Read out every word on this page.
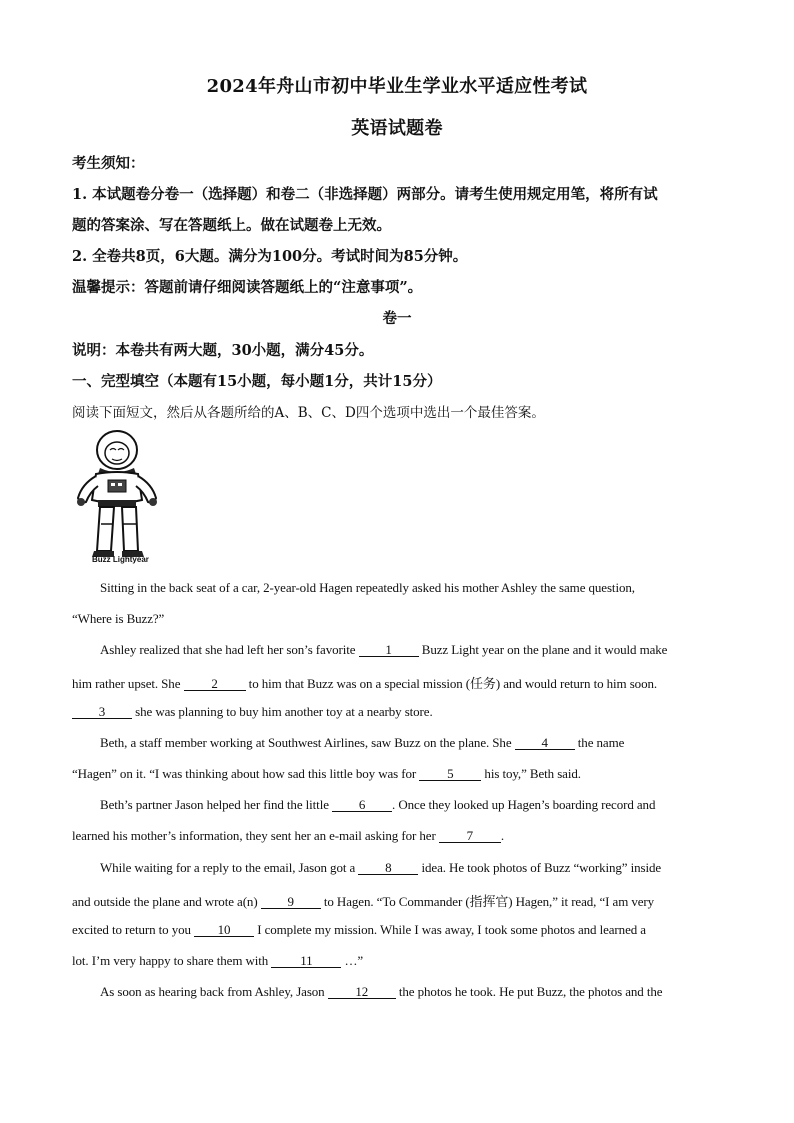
2024年舟山市初中毕业生学业水平适应性考试
英语试题卷
考生须知：
1. 本试题卷分卷一（选择题）和卷二（非选择题）两部分。请考生使用规定用笔，将所有试
题的答案涂、写在答题纸上。做在试题卷上无效。
2. 全卷共8页，6大题。满分为100分。考试时间为85分钟。
温馨提示：答题前请仔细阅读答题纸上的“注意事项”。
卷一
说明：本卷共有两大题，30小题，满分45分。
一、完型填空（本题有15小题，每小题1分，共计15分）
阅读下面短文，然后从各题所给的A、B、C、D四个选项中选出一个最佳答案。
Buzz Lightyear
Sitting in the back seat of a car, 2-year-old Hagen repeatedly asked his mother Ashley the same question,
“Where is Buzz?”
Ashley realized that she had left her son’s favorite 1 Buzz Light year on the plane and it would make
him rather upset. She 2 to him that Buzz was on a special mission (任务) and would return to him soon.
3 she was planning to buy him another toy at a nearby store.
Beth, a staff member working at Southwest Airlines, saw Buzz on the plane. She 4 the name
“Hagen” on it. “I was thinking about how sad this little boy was for 5 his toy,” Beth said.
Beth’s partner Jason helped her find the little 6 . Once they looked up Hagen’s boarding record and
learned his mother’s information, they sent her an e-mail asking for her 7 .
While waiting for a reply to the email, Jason got a 8 idea. He took photos of Buzz “working” inside
and outside the plane and wrote a(n) 9 to Hagen. “To Commander (指挥官) Hagen,” it read, “I am very
excited to return to you 10 I complete my mission. While I was away, I took some photos and learned a
lot. I’m very happy to share them with 11 …”
As soon as hearing back from Ashley, Jason 12 the photos he took. He put Buzz, the photos and the
